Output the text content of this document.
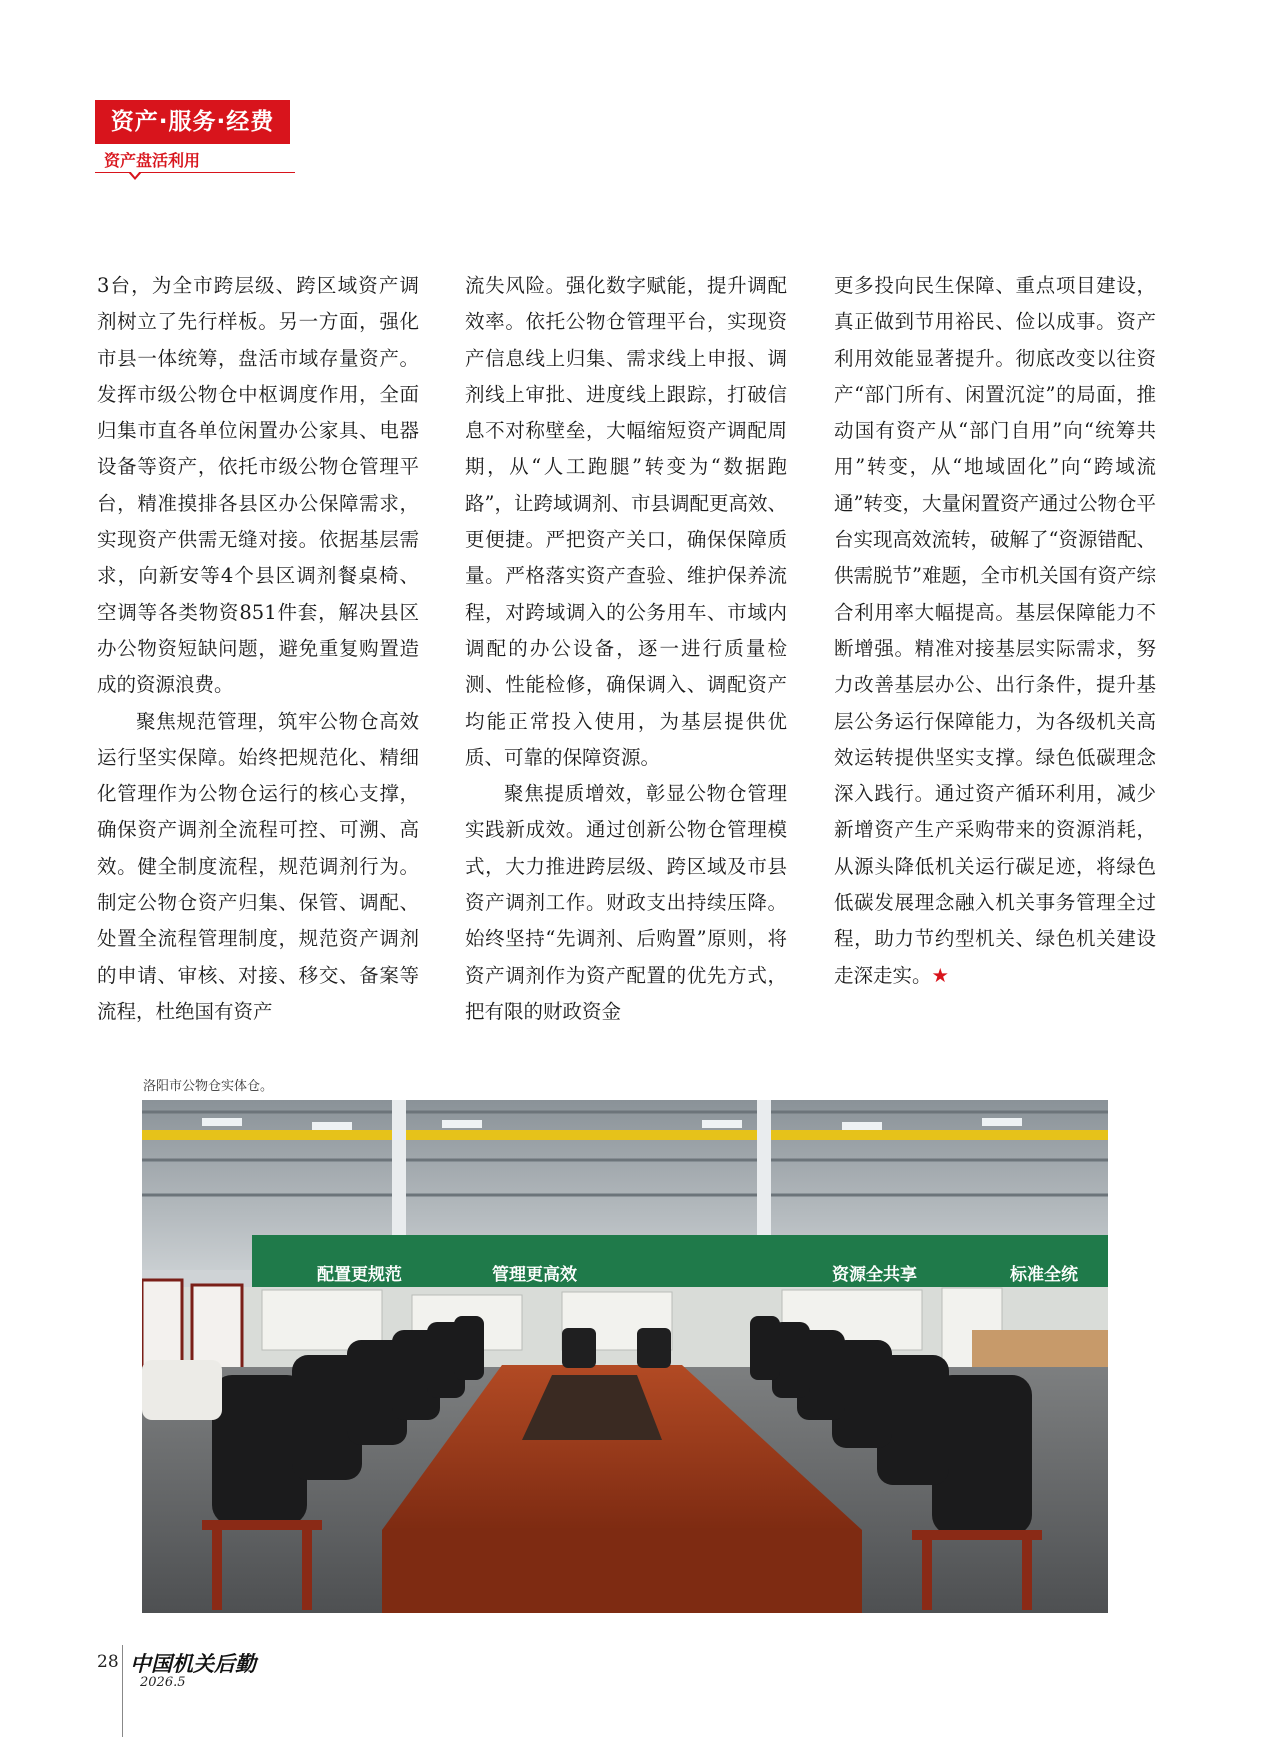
资产·服务·经费
资产盘活利用

3台，为全市跨层级、跨区域资产调剂树立了先行样板。另一方面，强化市县一体统筹，盘活市域存量资产。发挥市级公物仓中枢调度作用，全面归集市直各单位闲置办公家具、电器设备等资产，依托市级公物仓管理平台，精准摸排各县区办公保障需求，实现资产供需无缝对接。依据基层需求，向新安等4个县区调剂餐桌椅、空调等各类物资851件套，解决县区办公物资短缺问题，避免重复购置造成的资源浪费。

聚焦规范管理，筑牢公物仓高效运行坚实保障。始终把规范化、精细化管理作为公物仓运行的核心支撑，确保资产调剂全流程可控、可溯、高效。健全制度流程，规范调剂行为。制定公物仓资产归集、保管、调配、处置全流程管理制度，规范资产调剂的申请、审核、对接、移交、备案等流程，杜绝国有资产

流失风险。强化数字赋能，提升调配效率。依托公物仓管理平台，实现资产信息线上归集、需求线上申报、调剂线上审批、进度线上跟踪，打破信息不对称壁垒，大幅缩短资产调配周期，从“人工跑腿”转变为“数据跑路”，让跨域调剂、市县调配更高效、更便捷。严把资产关口，确保保障质量。严格落实资产查验、维护保养流程，对跨域调入的公务用车、市域内调配的办公设备，逐一进行质量检测、性能检修，确保调入、调配资产均能正常投入使用，为基层提供优质、可靠的保障资源。

聚焦提质增效，彰显公物仓管理实践新成效。通过创新公物仓管理模式，大力推进跨层级、跨区域及市县资产调剂工作。财政支出持续压降。始终坚持“先调剂、后购置”原则，将资产调剂作为资产配置的优先方式，把有限的财政资金

更多投向民生保障、重点项目建设，真正做到节用裕民、俭以成事。资产利用效能显著提升。彻底改变以往资产“部门所有、闲置沉淀”的局面，推动国有资产从“部门自用”向“统筹共用”转变，从“地域固化”向“跨域流通”转变，大量闲置资产通过公物仓平台实现高效流转，破解了“资源错配、供需脱节”难题，全市机关国有资产综合利用率大幅提高。基层保障能力不断增强。精准对接基层实际需求，努力改善基层办公、出行条件，提升基层公务运行保障能力，为各级机关高效运转提供坚实支撑。绿色低碳理念深入践行。通过资产循环利用，减少新增资产生产采购带来的资源消耗，从源头降低机关运行碳足迹，将绿色低碳发展理念融入机关事务管理全过程，助力节约型机关、绿色机关建设走深走实。★

洛阳市公物仓实体仓。
配置更规范	管理更高效	资源全共享	标准全统
28 中国机关后勤
2026.5
